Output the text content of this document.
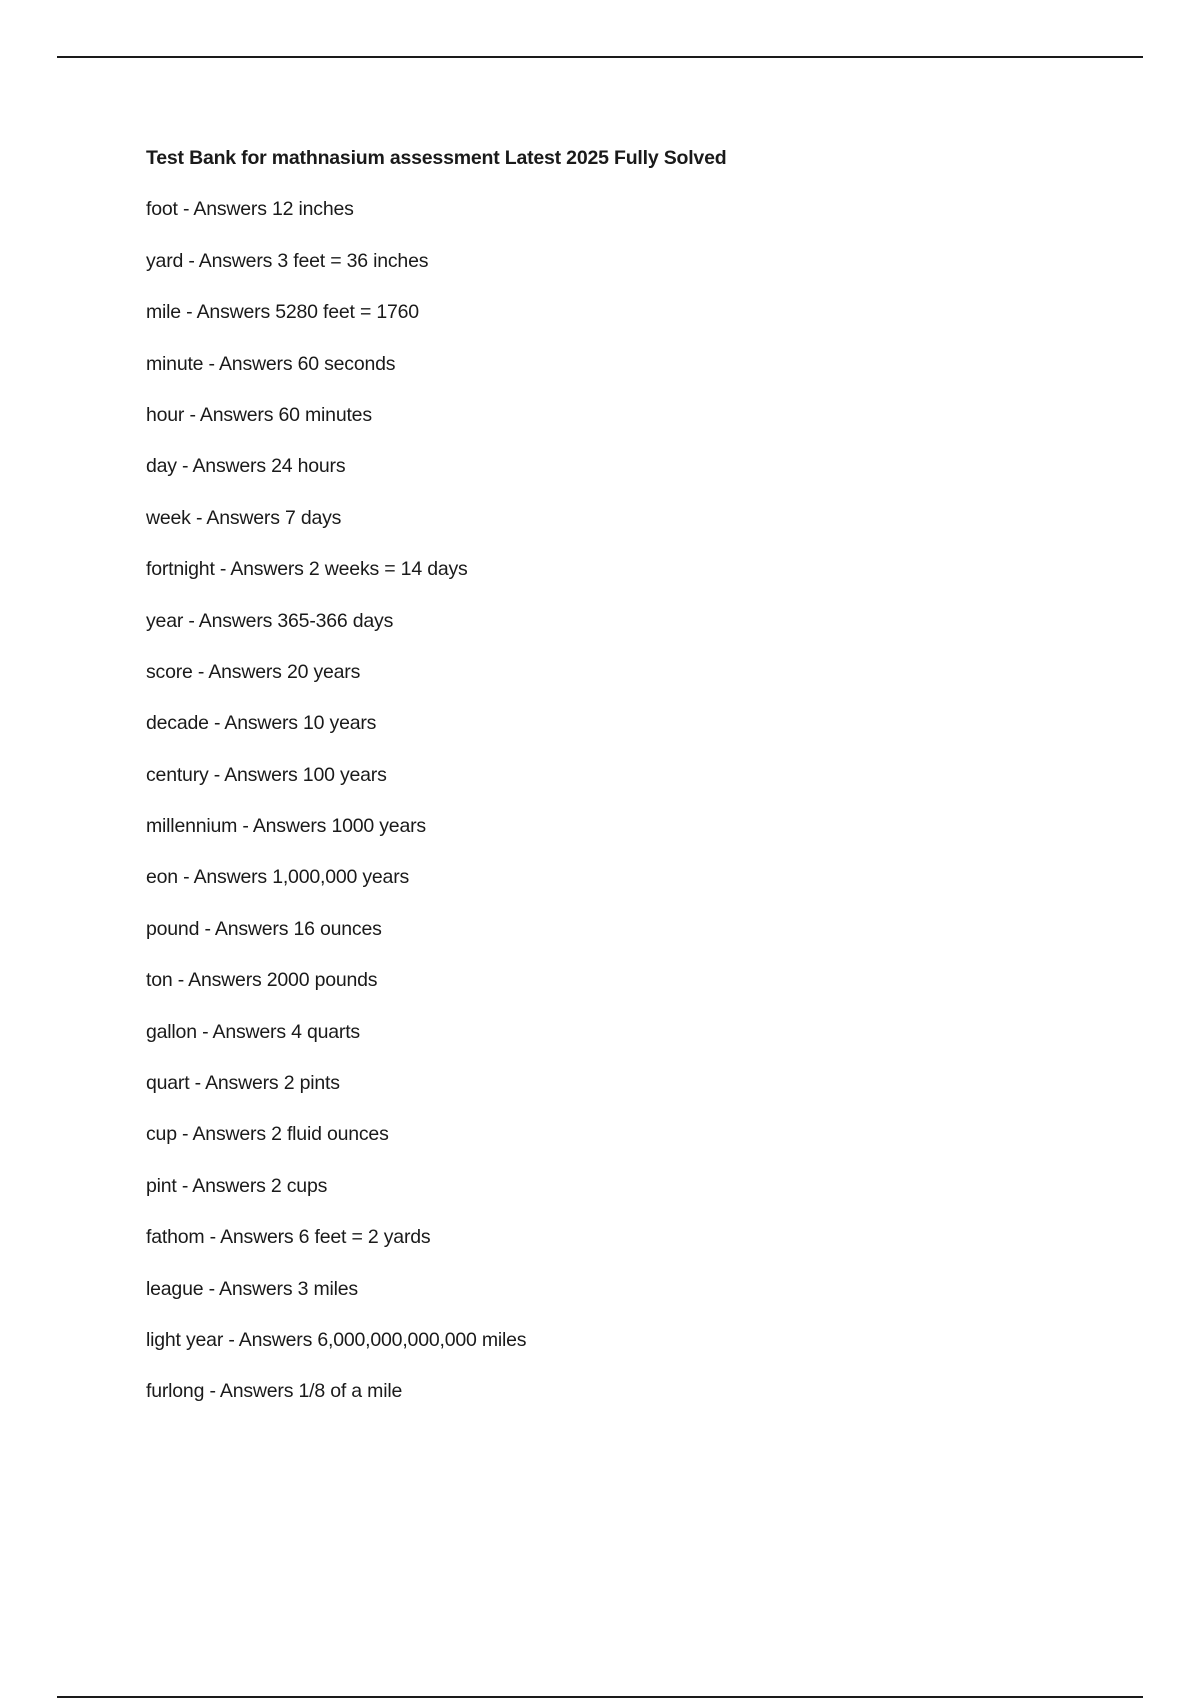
Test Bank for mathnasium assessment Latest 2025 Fully Solved
foot - Answers 12 inches
yard - Answers 3 feet = 36 inches
mile - Answers 5280 feet = 1760
minute - Answers 60 seconds
hour - Answers 60 minutes
day - Answers 24 hours
week - Answers 7 days
fortnight - Answers 2 weeks = 14 days
year - Answers 365-366 days
score - Answers 20 years
decade - Answers 10 years
century - Answers 100 years
millennium - Answers 1000 years
eon - Answers 1,000,000 years
pound - Answers 16 ounces
ton - Answers 2000 pounds
gallon - Answers 4 quarts
quart - Answers 2 pints
cup - Answers 2 fluid ounces
pint - Answers 2 cups
fathom - Answers 6 feet = 2 yards
league - Answers 3 miles
light year - Answers 6,000,000,000,000 miles
furlong - Answers 1/8 of a mile
